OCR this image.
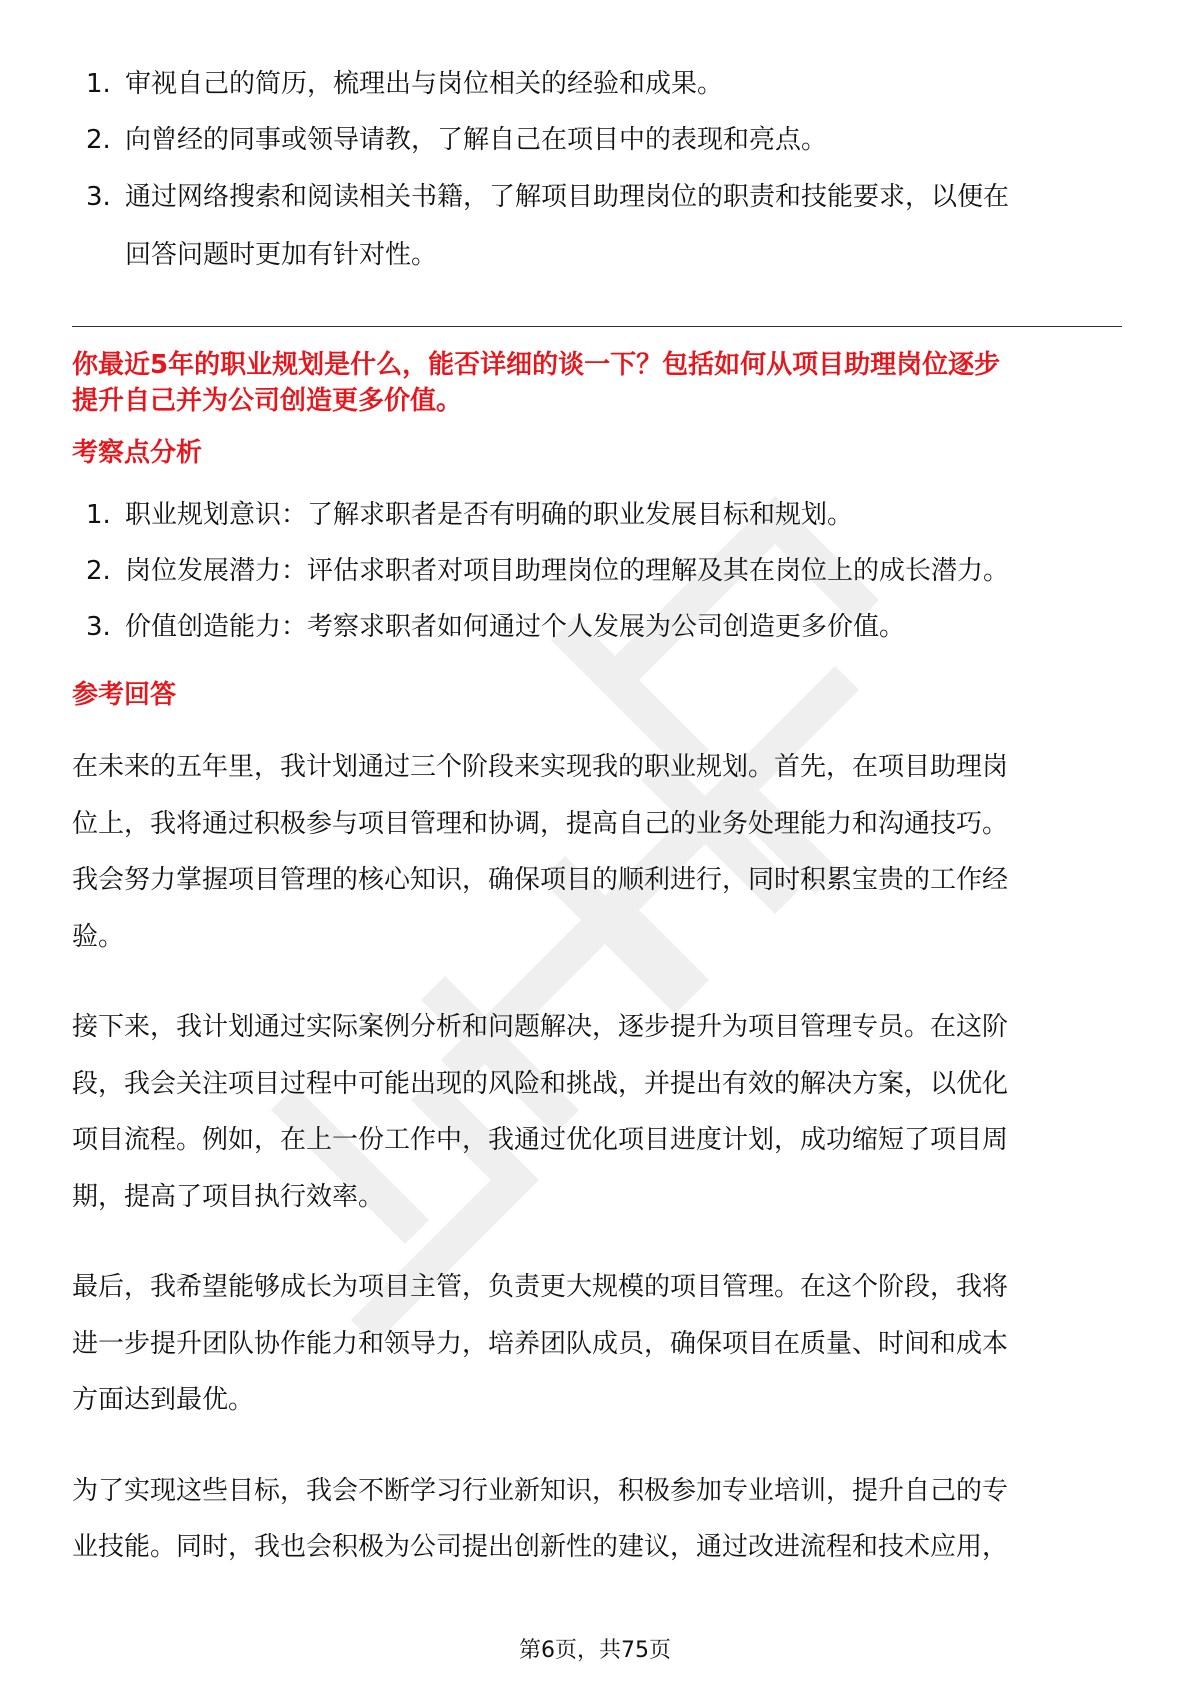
1. 审视自己的简历，梳理出与岗位相关的经验和成果。
2. 向曾经的同事或领导请教，了解自己在项目中的表现和亮点。
3. 通过网络搜索和阅读相关书籍，了解项目助理岗位的职责和技能要求，以便在
回答问题时更加有针对性。

你最近5年的职业规划是什么，能否详细的谈一下？包括如何从项目助理岗位逐步
提升自己并为公司创造更多价值。

考察点分析
1. 职业规划意识：了解求职者是否有明确的职业发展目标和规划。
2. 岗位发展潜力：评估求职者对项目助理岗位的理解及其在岗位上的成长潜力。
3. 价值创造能力：考察求职者如何通过个人发展为公司创造更多价值。
参考回答

在未来的五年里，我计划通过三个阶段来实现我的职业规划。首先，在项目助理岗
位上，我将通过积极参与项目管理和协调，提高自己的业务处理能力和沟通技巧。
我会努力掌握项目管理的核心知识，确保项目的顺利进行，同时积累宝贵的工作经
验。

接下来，我计划通过实际案例分析和问题解决，逐步提升为项目管理专员。在这阶
段，我会关注项目过程中可能出现的风险和挑战，并提出有效的解决方案，以优化
项目流程。例如，在上一份工作中，我通过优化项目进度计划，成功缩短了项目周
期，提高了项目执行效率。

最后，我希望能够成长为项目主管，负责更大规模的项目管理。在这个阶段，我将
进一步提升团队协作能力和领导力，培养团队成员，确保项目在质量、时间和成本
方面达到最优。

为了实现这些目标，我会不断学习行业新知识，积极参加专业培训，提升自己的专
业技能。同时，我也会积极为公司提出创新性的建议，通过改进流程和技术应用，

第6页，共75页
